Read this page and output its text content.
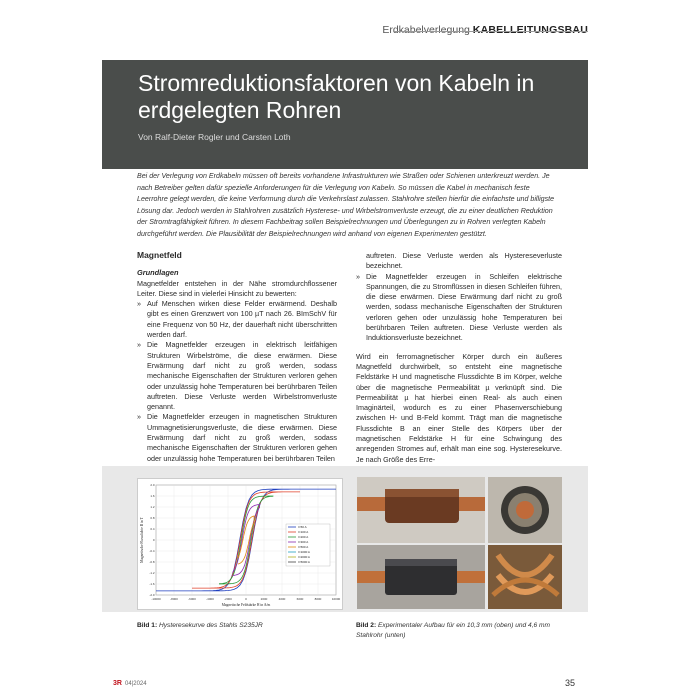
Erdkabelverlegung KABELLEITUNGSBAU
Stromreduktionsfaktoren von Kabeln in
erdgelegten Rohren
Von Ralf-Dieter Rogler und Carsten Loth

Bei der Verlegung von Erdkabeln müssen oft bereits vorhandene Infrastrukturen wie Straßen oder Schienen unterkreuzt werden. Je nach Betreiber gelten dafür spezielle Anforderungen für die Verlegung von Kabeln. So müssen die Kabel in mechanisch feste Leerrohre gelegt werden, die keine Verformung durch die Verkehrslast zulassen. Stahlrohre stellen hierfür die einfachste und billigste Lösung dar. Jedoch werden in Stahlrohren zusätzlich Hysterese- und Wirbelstromverluste erzeugt, die zu einer deutlichen Reduktion der Stromtragfähigkeit führen. In diesem Fachbeitrag sollen Beispielrechnungen und Überlegungen zu in Rohren verlegten Kabeln durchgeführt werden. Die Plausibilität der Beispielrechnungen wird anhand von eigenen Experimenten gestützt.

Magnetfeld
Grundlagen

Magnetfelder entstehen in der Nähe stromdurchflossener Leiter. Diese sind in vielerlei Hinsicht zu bewerten:

» Auf Menschen wirken diese Felder erwärmend. Deshalb gibt es einen Grenzwert von 100 µT nach 26. BImSchV für eine Frequenz von 50 Hz, der dauerhaft nicht überschritten werden darf.
» Die Magnetfelder erzeugen in elektrisch leitfähigen Strukturen Wirbelströme, die diese erwärmen. Diese Erwärmung darf nicht zu groß werden, sodass mechanische Eigenschaften der Strukturen verloren gehen oder unzulässig hohe Temperaturen bei berührbaren Teilen auftreten. Diese Verluste werden Wirbelstromverluste genannt.
» Die Magnetfelder erzeugen in magnetischen Strukturen Ummagnetisierungsverluste, die diese erwärmen. Diese Erwärmung darf nicht zu groß werden, sodass mechanische Eigenschaften der Strukturen verloren gehen oder unzulässig hohe Temperaturen bei berührbaren Teilen

auftreten. Diese Verluste werden als Hystereseverluste bezeichnet.

» Die Magnetfelder erzeugen in Schleifen elektrische Spannungen, die zu Stromflüssen in diesen Schleifen führen, die diese erwärmen. Diese Erwärmung darf nicht zu groß werden, sodass mechanische Eigenschaften der Strukturen verloren gehen oder unzulässig hohe Temperaturen bei berührbaren Teilen auftreten. Diese Verluste werden als Induktionsverluste bezeichnet.

Wird ein ferromagnetischer Körper durch ein äußeres Magnetfeld durchwirbelt, so entsteht eine magnetische Feldstärke H und magnetische Flussdichte B im Körper, welche über die magnetische Permeabilität µ verknüpft sind. Die Permeabilität µ hat hierbei einen Real- als auch einen Imaginärteil, wodurch es zu einer Phasenverschiebung zwischen H- und B-Feld kommt. Trägt man die magnetische Flussdichte B an einer Stelle des Körpers über der magnetischen Feldstärke H für eine Schwingung des anregenden Stromes auf, erhält man eine sog. Hysteresekurve. Je nach Größe des Erre-

-10000	-8000	-6000	-4000	-2000	0	2000	4000	6000	8000	10000
2.0
1.6
1.2
0.8
0.4
0
-0.4
-0.8
-1.2
-1.6
-2.0
Magnetische Feldstärke H in A/m
Magnetische Flussdichte B in T	I=50 A
I=100 A
I=200 A
I=300 A
I=500 A
I=1000 A
I=2000 A
I=5000 A
Bild 1: Hysteresekurve des Stahls S235JR	Bild 2: Experimentaler Aufbau für ein 10,3 mm (oben) und 4,6 mm Stahlrohr (unten)
3R 04|2024	35
